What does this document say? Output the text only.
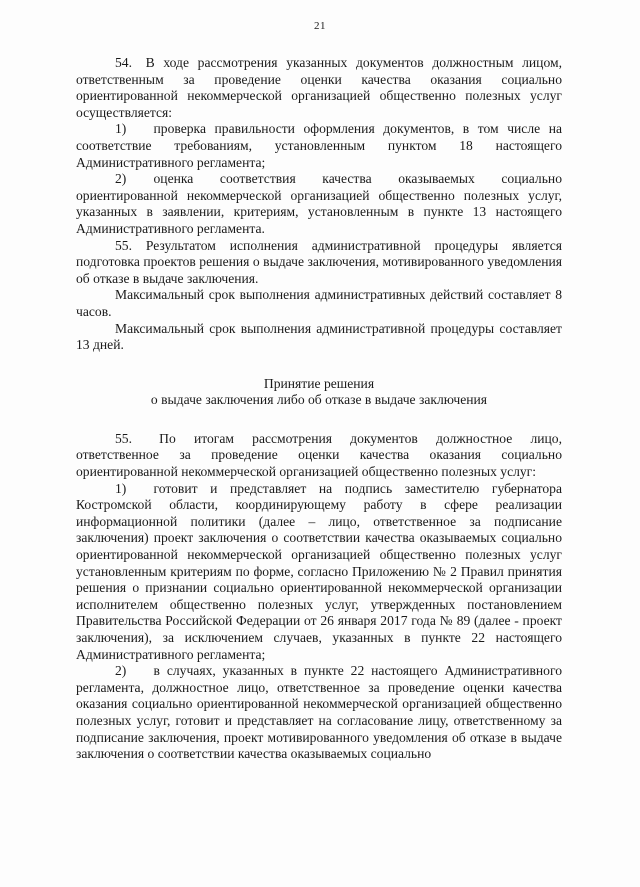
21

54. В ходе рассмотрения указанных документов должностным лицом, ответственным за проведение оценки качества оказания социально ориентированной некоммерческой организацией общественно полезных услуг осуществляется:

1)  проверка правильности оформления документов, в том числе на соответствие требованиям, установленным пунктом 18 настоящего Административного регламента;

2)  оценка соответствия качества оказываемых социально ориентированной некоммерческой организацией общественно полезных услуг, указанных в заявлении, критериям, установленным в пункте 13 настоящего Административного регламента.

55. Результатом исполнения административной процедуры является подготовка проектов решения о выдаче заключения, мотивированного уведомления об отказе в выдаче заключения.

Максимальный срок выполнения административных действий составляет 8 часов.

Максимальный срок выполнения административной процедуры составляет 13 дней.

Принятие решения

о выдаче заключения либо об отказе в выдаче заключения

55.  По итогам рассмотрения документов должностное лицо, ответственное за проведение оценки качества оказания социально ориентированной некоммерческой организацией общественно полезных услуг:

1)  готовит и представляет на подпись заместителю губернатора Костромской области, координирующему работу в сфере реализации информационной политики (далее – лицо, ответственное за подписание заключения) проект заключения о соответствии качества оказываемых социально ориентированной некоммерческой организацией общественно полезных услуг установленным критериям по форме, согласно Приложению № 2 Правил принятия решения о признании социально ориентированной некоммерческой организации исполнителем общественно полезных услуг, утвержденных постановлением Правительства Российской Федерации от 26 января 2017 года № 89 (далее - проект заключения), за исключением случаев, указанных в пункте 22 настоящего Административного регламента;

2)  в случаях, указанных в пункте 22 настоящего Административного регламента, должностное лицо, ответственное за проведение оценки качества оказания социально ориентированной некоммерческой организацией общественно полезных услуг, готовит и представляет на согласование лицу, ответственному за подписание заключения, проект мотивированного уведомления об отказе в выдаче заключения о соответствии качества оказываемых социально
